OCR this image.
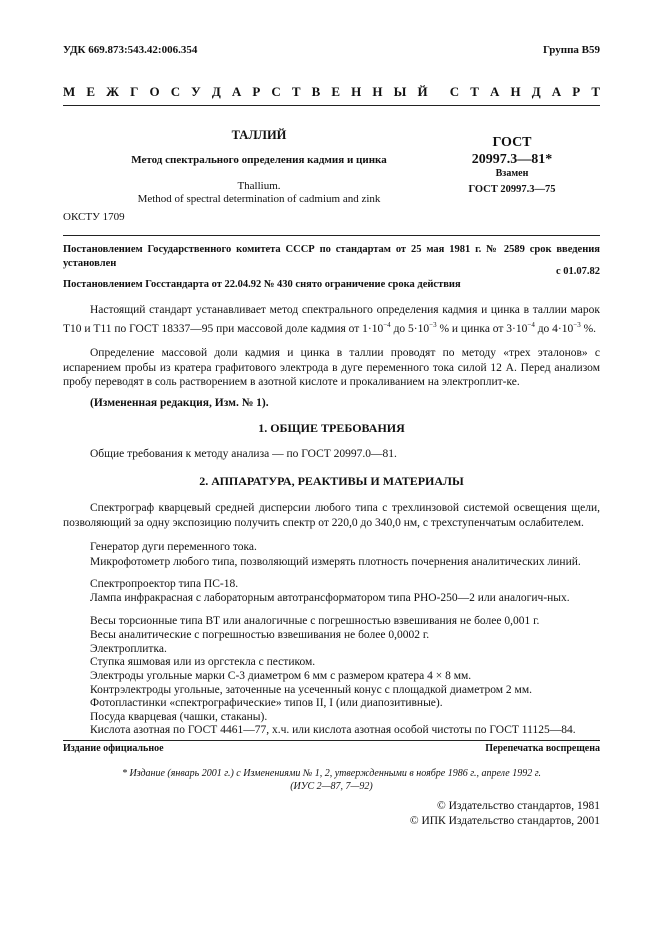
УДК 669.873:543.42:006.354	Группа В59
М Е Ж Г О С У Д А Р С Т В Е Н Н Ы Й С Т А Н Д А Р Т
ТАЛЛИЙ
Метод спектрального определения кадмия и цинка
Thallium.
Method of spectral determination of cadmium and zink
ГОСТ
20997.3—81*
Взамен
ГОСТ 20997.3—75
ОКСТУ 1709
Постановлением Государственного комитета СССР по стандартам от 25 мая 1981 г. № 2589 срок введения установлен
с 01.07.82
Постановлением Госстандарта от 22.04.92 № 430 снято ограничение срока действия
Настоящий стандарт устанавливает метод спектрального определения кадмия и цинка в таллии марок Т10 и Т11 по ГОСТ 18337—95 при массовой доле кадмия от $1\cdot 10^{-4}$ до $5\cdot 10^{-3}$ % и цинка от $3\cdot 10^{-4}$ до $4\cdot 10^{-3}$ %.
Определение массовой доли кадмия и цинка в таллии проводят по методу «трех эталонов» с испарением пробы из кратера графитового электрода в дуге переменного тока силой 12 А. Перед анализом пробу переводят в соль растворением в азотной кислоте и прокаливанием на электроплит-ке.
(Измененная редакция, Изм. № 1).
1. ОБЩИЕ ТРЕБОВАНИЯ
Общие требования к методу анализа — по ГОСТ 20997.0—81.
2. АППАРАТУРА, РЕАКТИВЫ И МАТЕРИАЛЫ
Спектрограф кварцевый средней дисперсии любого типа с трехлинзовой системой освещения щели, позволяющий за одну экспозицию получить спектр от 220,0 до 340,0 нм, с трехступенчатым ослабителем.
Генератор дуги переменного тока.
Микрофотометр любого типа, позволяющий измерять плотность почернения аналитических линий.
Спектропроектор типа ПС-18.
Лампа инфракрасная с лабораторным автотрансформатором типа РНО-250—2 или аналогич-ных.
Весы торсионные типа ВТ или аналогичные с погрешностью взвешивания не более 0,001 г.
Весы аналитические с погрешностью взвешивания не более 0,0002 г.
Электроплитка.
Ступка яшмовая или из оргстекла с пестиком.
Электроды угольные марки С-3 диаметром 6 мм с размером кратера 4 × 8 мм.
Контрэлектроды угольные, заточенные на усеченный конус с площадкой диаметром 2 мм.
Фотопластинки «спектрографические» типов II, I (или диапозитивные).
Посуда кварцевая (чашки, стаканы).
Кислота азотная по ГОСТ 4461—77, х.ч. или кислота азотная особой чистоты по ГОСТ 11125—84.
Издание официальное	Перепечатка воспрещена
* Издание (январь 2001 г.) с Изменениями № 1, 2, утвержденными в ноябре 1986 г., апреле 1992 г.
(ИУС 2—87, 7—92)
© Издательство стандартов, 1981
© ИПК Издательство стандартов, 2001
